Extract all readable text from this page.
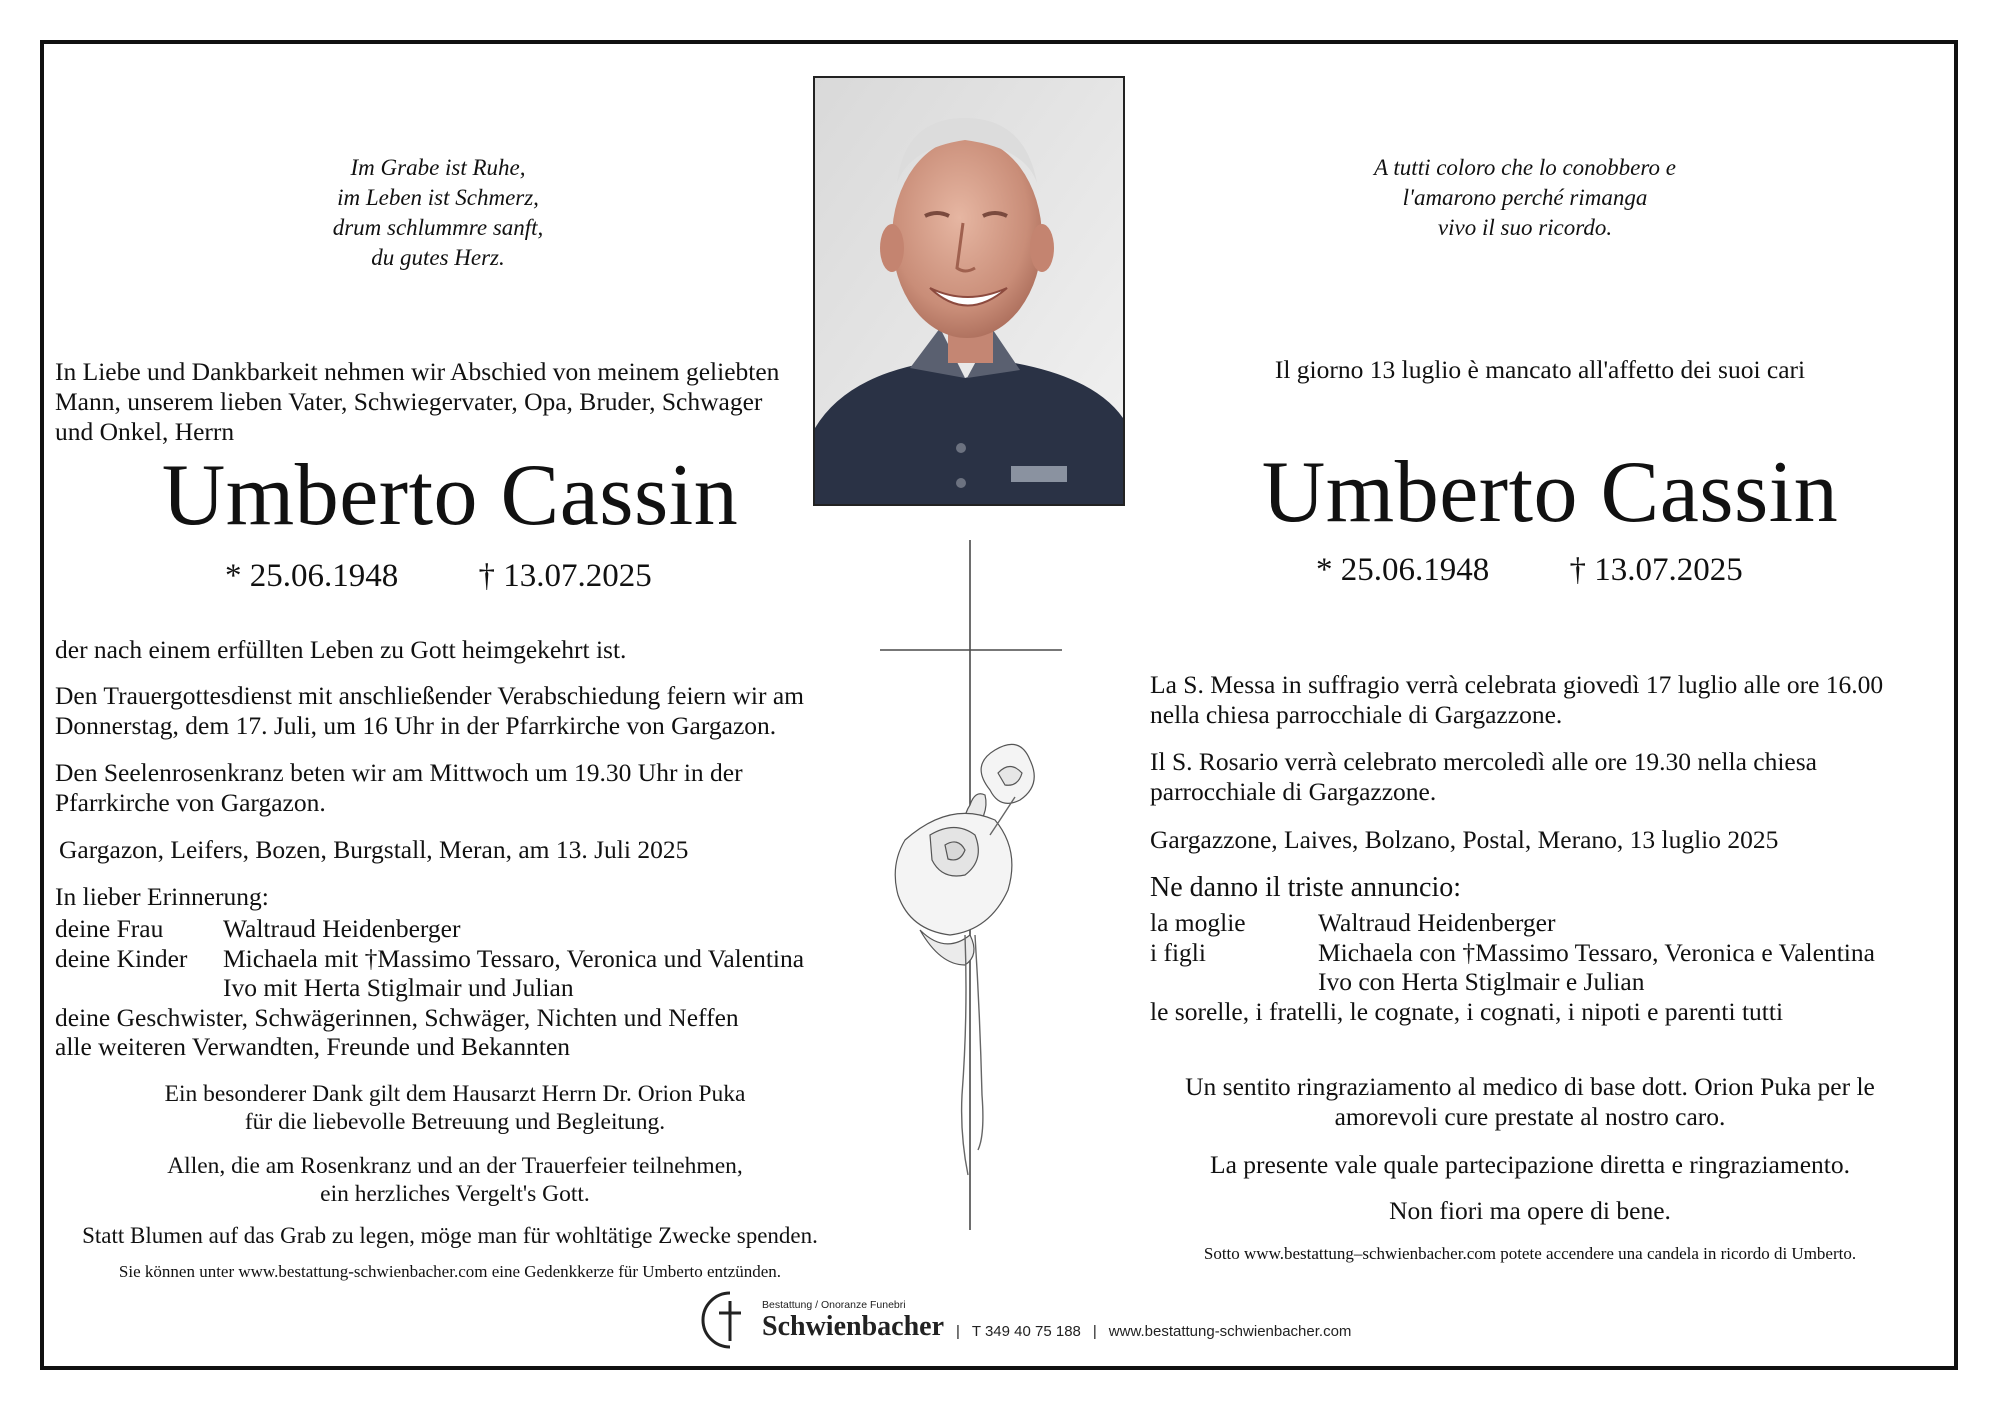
Im Grabe ist Ruhe,
im Leben ist Schmerz,
drum schlummre sanft,
du gutes Herz.
In Liebe und Dankbarkeit nehmen wir Abschied von meinem geliebten
Mann, unserem lieben Vater, Schwiegervater, Opa, Bruder, Schwager
und Onkel, Herrn
Umberto Cassin
* 25.06.1948 † 13.07.2025
der nach einem erfüllten Leben zu Gott heimgekehrt ist.
Den Trauergottesdienst mit anschließender Verabschiedung feiern wir am
Donnerstag, dem 17. Juli, um 16 Uhr in der Pfarrkirche von Gargazon.
Den Seelenrosenkranz beten wir am Mittwoch um 19.30 Uhr in der
Pfarrkirche von Gargazon.
Gargazon, Leifers, Bozen, Burgstall, Meran, am 13. Juli 2025
In lieber Erinnerung:
deine Frau	Waltraud Heidenberger
deine Kinder	Michaela mit †Massimo Tessaro, Veronica und Valentina
Ivo mit Herta Stiglmair und Julian
deine Geschwister, Schwägerinnen, Schwäger, Nichten und Neffen
alle weiteren Verwandten, Freunde und Bekannten
Ein besonderer Dank gilt dem Hausarzt Herrn Dr. Orion Puka
für die liebevolle Betreuung und Begleitung.
Allen, die am Rosenkranz und an der Trauerfeier teilnehmen,
ein herzliches Vergelt's Gott.
Statt Blumen auf das Grab zu legen, möge man für wohltätige Zwecke spenden.
Sie können unter www.bestattung-schwienbacher.com eine Gedenkkerze für Umberto entzünden.
A tutti coloro che lo conobbero e
l'amarono perché rimanga
vivo il suo ricordo.
Il giorno 13 luglio è mancato all'affetto dei suoi cari
Umberto Cassin
* 25.06.1948 † 13.07.2025
La S. Messa in suffragio verrà celebrata giovedì 17 luglio alle ore 16.00
nella chiesa parrocchiale di Gargazzone.
Il S. Rosario verrà celebrato mercoledì alle ore 19.30 nella chiesa
parrocchiale di Gargazzone.
Gargazzone, Laives, Bolzano, Postal, Merano, 13 luglio 2025
Ne danno il triste annuncio:
la moglie	Waltraud Heidenberger
i figli	Michaela con †Massimo Tessaro, Veronica e Valentina
Ivo con Herta Stiglmair e Julian
le sorelle, i fratelli, le cognate, i cognati, i nipoti e parenti tutti
Un sentito ringraziamento al medico di base dott. Orion Puka per le
amorevoli cure prestate al nostro caro.
La presente vale quale partecipazione diretta e ringraziamento.
Non fiori ma opere di bene.
Sotto www.bestattung–schwienbacher.com potete accendere una candela in ricordo di Umberto.
Bestattung / Onoranze Funebri
Schwienbacher | T 349 40 75 188 | www.bestattung-schwienbacher.com
